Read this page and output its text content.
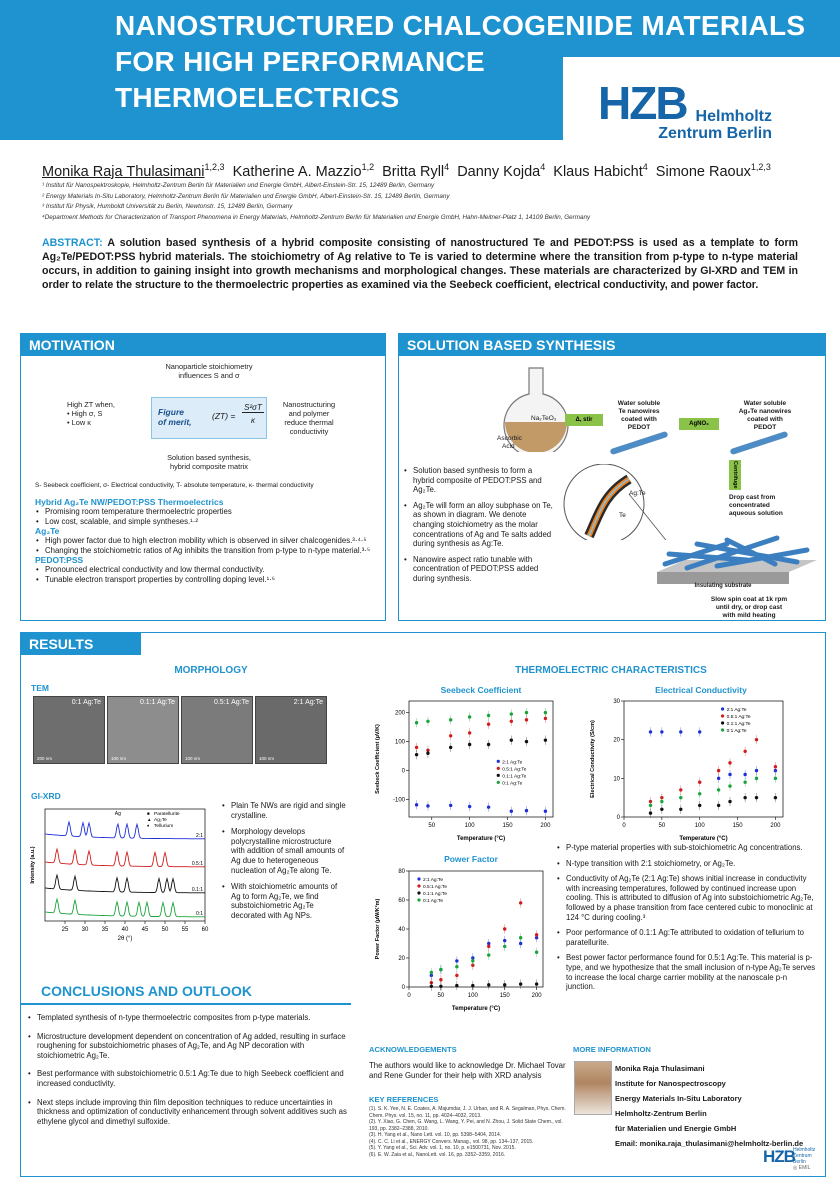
NANOSTRUCTURED CHALCOGENIDE MATERIALS
FOR HIGH PERFORMANCE
THERMOELECTRICS	HZB Helmholtz
Zentrum Berlin
Monika Raja Thulasimani$^{1,2,3}$ Katherine A. Mazzio$^{1,2}$ Britta Ryll$^4$ Danny Kojda$^4$ Klaus Habicht$^4$ Simone Raoux$^{1,2,3}$
¹ Institut für Nanospektroskopie, Helmholtz-Zentrum Berlin für Materialien und Energie GmbH, Albert-Einstein-Str. 15, 12489 Berlin, Germany
² Energy Materials In-Situ Laboratory, Helmholtz-Zentrum Berlin für Materialien und Energie GmbH, Albert-Einstein-Str. 15, 12489 Berlin, Germany
³ Institut für Physik, Humboldt Universität zu Berlin, Newtonstr. 15, 12489 Berlin, Germany
⁴Department Methods for Characterization of Transport Phenomena in Energy Materials, Helmholtz-Zentrum Berlin für Materialien und Energie GmbH, Hahn-Meitner-Platz 1, 14109 Berlin, Germany
ABSTRACT: A solution based synthesis of a hybrid composite consisting of nanostructured Te and PEDOT:PSS is used as a template to form Ag₂Te/PEDOT:PSS hybrid materials. The stoichiometry of Ag relative to Te is varied to determine where the transition from p-type to n-type material occurs, in addition to gaining insight into growth mechanisms and morphological changes. These materials are characterized by GI-XRD and TEM in order to relate the structure to the thermoelectric properties as examined via the Seebeck coefficient, electrical conductivity, and power factor.
MOTIVATION
Nanoparticle stoichiometry
influences S and σ
High ZT when,
• High σ, S
• Low κ
Nanostructuring
and polymer
reduce thermal
conductivity
Figure
of merit,
(ZT) =
S²σT
κ
Solution based synthesis,
hybrid composite matrix
S- Seebeck coefficient, σ- Electrical conductivity, T- absolute temperature, κ- thermal conductivity
Hybrid Ag₂Te NW/PEDOT:PSS Thermoelectrics
• Promising room temperature thermoelectric properties
• Low cost, scalable, and simple syntheses.¹·²
Ag₂Te
• High power factor due to high electron mobility which is observed in silver chalcogenides.³·⁴·⁵
• Changing the stoichiometric ratios of Ag inhibits the transition from p-type to n-type material.³·⁵
PEDOT:PSS
• Pronounced electrical conductivity and low thermal conductivity.
• Tunable electron transport properties by controlling doping level.¹·⁶
SOLUTION BASED SYNTHESIS
Na₂TeO₃
Ascorbic
Acid
Δ, stir
Water soluble
Te nanowires
coated with
PEDOT	AgNO₃
Water soluble
Ag₂Te nanowires
coated with
PEDOT
Centrifuge
Drop cast from
concentrated
aqueous solution
Ag:Te
Te
Insulating substrate
Slow spin coat at 1k rpm
until dry, or drop cast
with mild heating
• Solution based synthesis to form a hybrid composite of PEDOT:PSS and Ag₂Te.
• Ag₂Te will form an alloy subphase on Te, as shown in diagram. We denote changing stoichiometry as the molar concentrations of Ag and Te salts added during synthesis as Ag:Te.
• Nanowire aspect ratio tunable with concentration of PEDOT:PSS added during synthesis.
RESULTS
MORPHOLOGY
TEM
0:1 Ag:Te
200 nm
0.1:1 Ag:Te
100 nm
0.5:1 Ag:Te
100 nm
2:1 Ag:Te
100 nm
GI-XRD
25 30 35 40 45 50 55 60
2θ (°)
Intensity (a.u.)
2:1
0.5:1
0.1:1
0:1
■ Paratellurite
▲ Ag₂Te
♦ Tellurium
Ag
• Plain Te NWs are rigid and single crystalline.
• Morphology develops polycrystalline microstructure with addition of small amounts of Ag due to heterogeneous nucleation of Ag₂Te along Te.
• With stoichiometric amounts of Ag to form Ag₂Te, we find substoichiometric Ag₂Te decorated with Ag NPs.
THERMOELECTRIC CHARACTERISTICS
Seebeck Coefficient
50	100	150	200
-100
0
100
200
Temperature (°C)
Seebeck Coefficient (µV/K)	2:1 Ag:Te
0.5:1 Ag:Te
0.1:1 Ag:Te
0:1 Ag:Te
Electrical Conductivity
0	50	100	150	200
0
10
20
30
Temperature (°C)
Electrical Conductivity (S/cm)
2:1 Ag:Te
0.5:1 Ag:Te
0.1:1 Ag:Te
0:1 Ag:Te
Power Factor
0	50	100	150	200
0
20
40
60
80
Temperature (°C)
Power Factor (µW/K²m)
2:1 Ag:Te
0.5:1 Ag:Te
0.1:1 Ag:Te
0:1 Ag:Te
• P-type material properties with sub-stoichiometric Ag concentrations.
• N-type transition with 2:1 stoichiometry, or Ag₂Te.
• Conductivity of Ag₂Te (2:1 Ag:Te) shows initial increase in conductivity with increasing temperatures, followed by continued increase upon cooling. This is attributed to diffusion of Ag into substoichiometric Ag₂Te, followed by a phase transition from face centered cubic to monoclinic at 124 °C during cooling.³
• Poor performance of 0.1:1 Ag:Te attributed to oxidation of tellurium to paratellurite.
• Best power factor performance found for 0.5:1 Ag:Te. This material is p-type, and we hypothesize that the small inclusion of n-type Ag₂Te serves to increase the local charge carrier mobility at the nanoscale p-n junction.
CONCLUSIONS AND OUTLOOK
• Templated synthesis of n-type thermoelectric composites from p-type materials.
• Microstructure development dependent on concentration of Ag added, resulting in surface roughening for substoichiometric phases of Ag₂Te, and Ag NP decoration with stoichiometric Ag₂Te.
• Best performance with substoichiometric 0.5:1 Ag:Te due to high Seebeck coefficient and increased conductivity.
• Next steps include improving thin film deposition techniques to reduce uncertainties in thickness and optimization of conductivity enhancement through solvent additives such as ethylene glycol and dimethyl sulfoxide.
ACKNOWLEDGEMENTS
The authors would like to acknowledge Dr. Michael Tovar and Rene Gunder for their help with XRD analysis
KEY REFERENCES
(1). S. K. Yee, N. E. Coates, A. Majumdar, J. J. Urban, and R. A. Segalman, Phys. Chem. Chem. Phys. vol. 15, no. 11, pp. 4024–4032, 2013.
(2). Y. Xiao, G. Chen, G. Wang, L. Wang, Y. Pei, and N. Zhou, J. Solid State Chem., vol. 193, pp. 2382–2388, 2010.
(3). H. Yang et al., Nano Lett. vol. 10, pp. 5398–5404, 2014.
(4). C. C. Li et al., ENERGY Convers. Manag., vol. 98, pp. 134–137, 2015.
(5). Y. Yang et al., Sci. Adv. vol. 1, no. 10, p. e1500731, Nov. 2015.
(6). E. W. Zaia et al., NanoLett. vol. 16, pp. 3352–3359, 2016.
MORE INFORMATION
Monika Raja Thulasimani
Institute for Nanospectroscopy
Energy Materials In-Situ Laboratory
Helmholtz-Zentrum Berlin
für Materialien und Energie GmbH
Email: monika.raja_thulasimani@helmholtz-berlin.de
HZB
Helmholtz
Zentrum Berlin
◎ EMIL
